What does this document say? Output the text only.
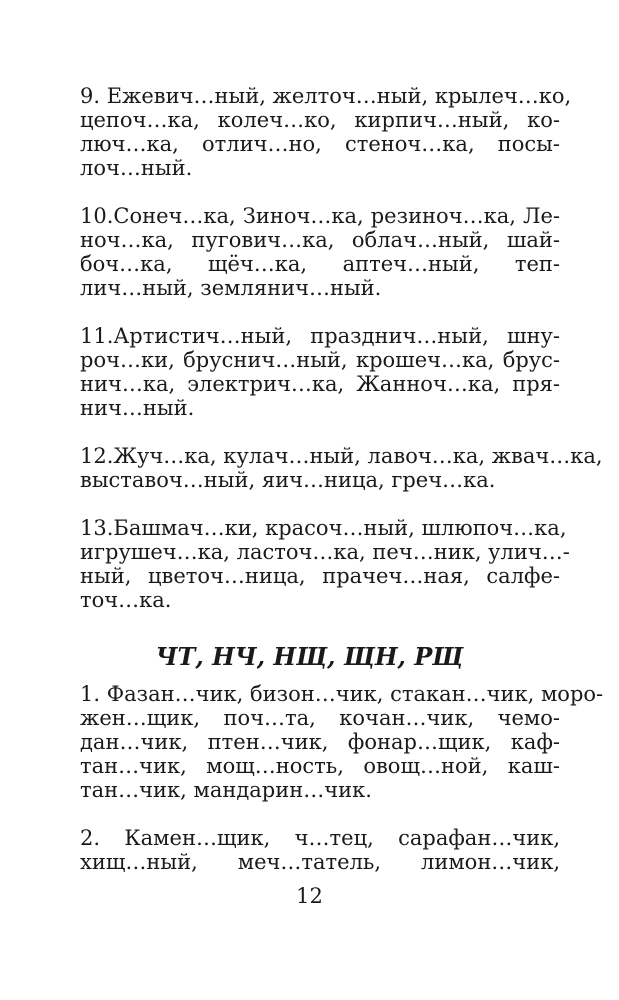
9. Ежевич…ный, желточ…ный, крылеч…ко,
цепоч…ка, колеч…ко, кирпич…ный, ко-
люч…ка, отлич…но, стеноч…ка, посы-
лоч…ный.
10.Сонеч…ка, Зиноч…ка, резиноч…ка, Ле-
ноч…ка, пугович…ка, облач…ный, шай-
боч…ка, щёч…ка, аптеч…ный, теп-
лич…ный, землянич…ный.
11.Артистич…ный, празднич…ный, шну-
роч…ки, бруснич…ный, крошеч…ка, брус-
нич…ка, электрич…ка, Жанноч…ка, пря-
нич…ный.
12.Жуч…ка, кулач…ный, лавоч…ка, жвач…ка,
выставоч…ный, яич…ница, греч…ка.
13.Башмач…ки, красоч…ный, шлюпоч…ка,
игрушеч…ка, ласточ…ка, печ…ник, улич…-
ный, цветоч…ница, прачеч…ная, салфе-
точ…ка.
ЧТ, НЧ, НЩ, ЩН, РЩ
1. Фазан…чик, бизон…чик, стакан…чик, моро-
жен…щик, поч…та, кочан…чик, чемо-
дан…чик, птен…чик, фонар…щик, каф-
тан…чик, мощ…ность, овощ…ной, каш-
тан…чик, мандарин…чик.
2. Камен…щик, ч…тец, сарафан…чик,
хищ…ный, меч…татель, лимон…чик,
12
